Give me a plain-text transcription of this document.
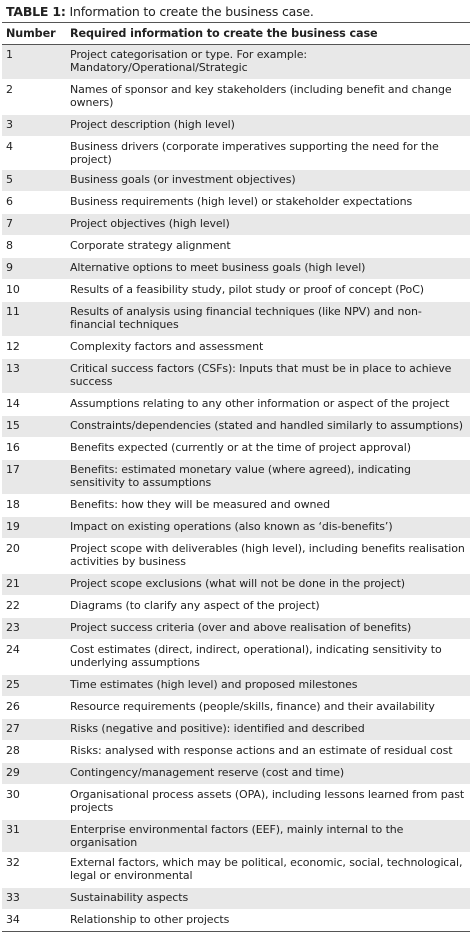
TABLE 1: Information to create the business case.
Number	Required information to create the business case
1	Project categorisation or type. For example: Mandatory/Operational/Strategic
2	Names of sponsor and key stakeholders (including benefit and change owners)
3	Project description (high level)
4	Business drivers (corporate imperatives supporting the need for the project)
5	Business goals (or investment objectives)
6	Business requirements (high level) or stakeholder expectations
7	Project objectives (high level)
8	Corporate strategy alignment
9	Alternative options to meet business goals (high level)
10	Results of a feasibility study, pilot study or proof of concept (PoC)
11	Results of analysis using financial techniques (like NPV) and non-financial techniques
12	Complexity factors and assessment
13	Critical success factors (CSFs): Inputs that must be in place to achieve success
14	Assumptions relating to any other information or aspect of the project
15	Constraints/dependencies (stated and handled similarly to assumptions)
16	Benefits expected (currently or at the time of project approval)
17	Benefits: estimated monetary value (where agreed), indicating sensitivity to assumptions
18	Benefits: how they will be measured and owned
19	Impact on existing operations (also known as ‘dis-benefits’)
20	Project scope with deliverables (high level), including benefits realisation activities by business
21	Project scope exclusions (what will not be done in the project)
22	Diagrams (to clarify any aspect of the project)
23	Project success criteria (over and above realisation of benefits)
24	Cost estimates (direct, indirect, operational), indicating sensitivity to underlying assumptions
25	Time estimates (high level) and proposed milestones
26	Resource requirements (people/skills, finance) and their availability
27	Risks (negative and positive): identified and described
28	Risks: analysed with response actions and an estimate of residual cost
29	Contingency/management reserve (cost and time)
30	Organisational process assets (OPA), including lessons learned from past projects
31	Enterprise environmental factors (EEF), mainly internal to the organisation
32	External factors, which may be political, economic, social, technological, legal or environmental
33	Sustainability aspects
34	Relationship to other projects
